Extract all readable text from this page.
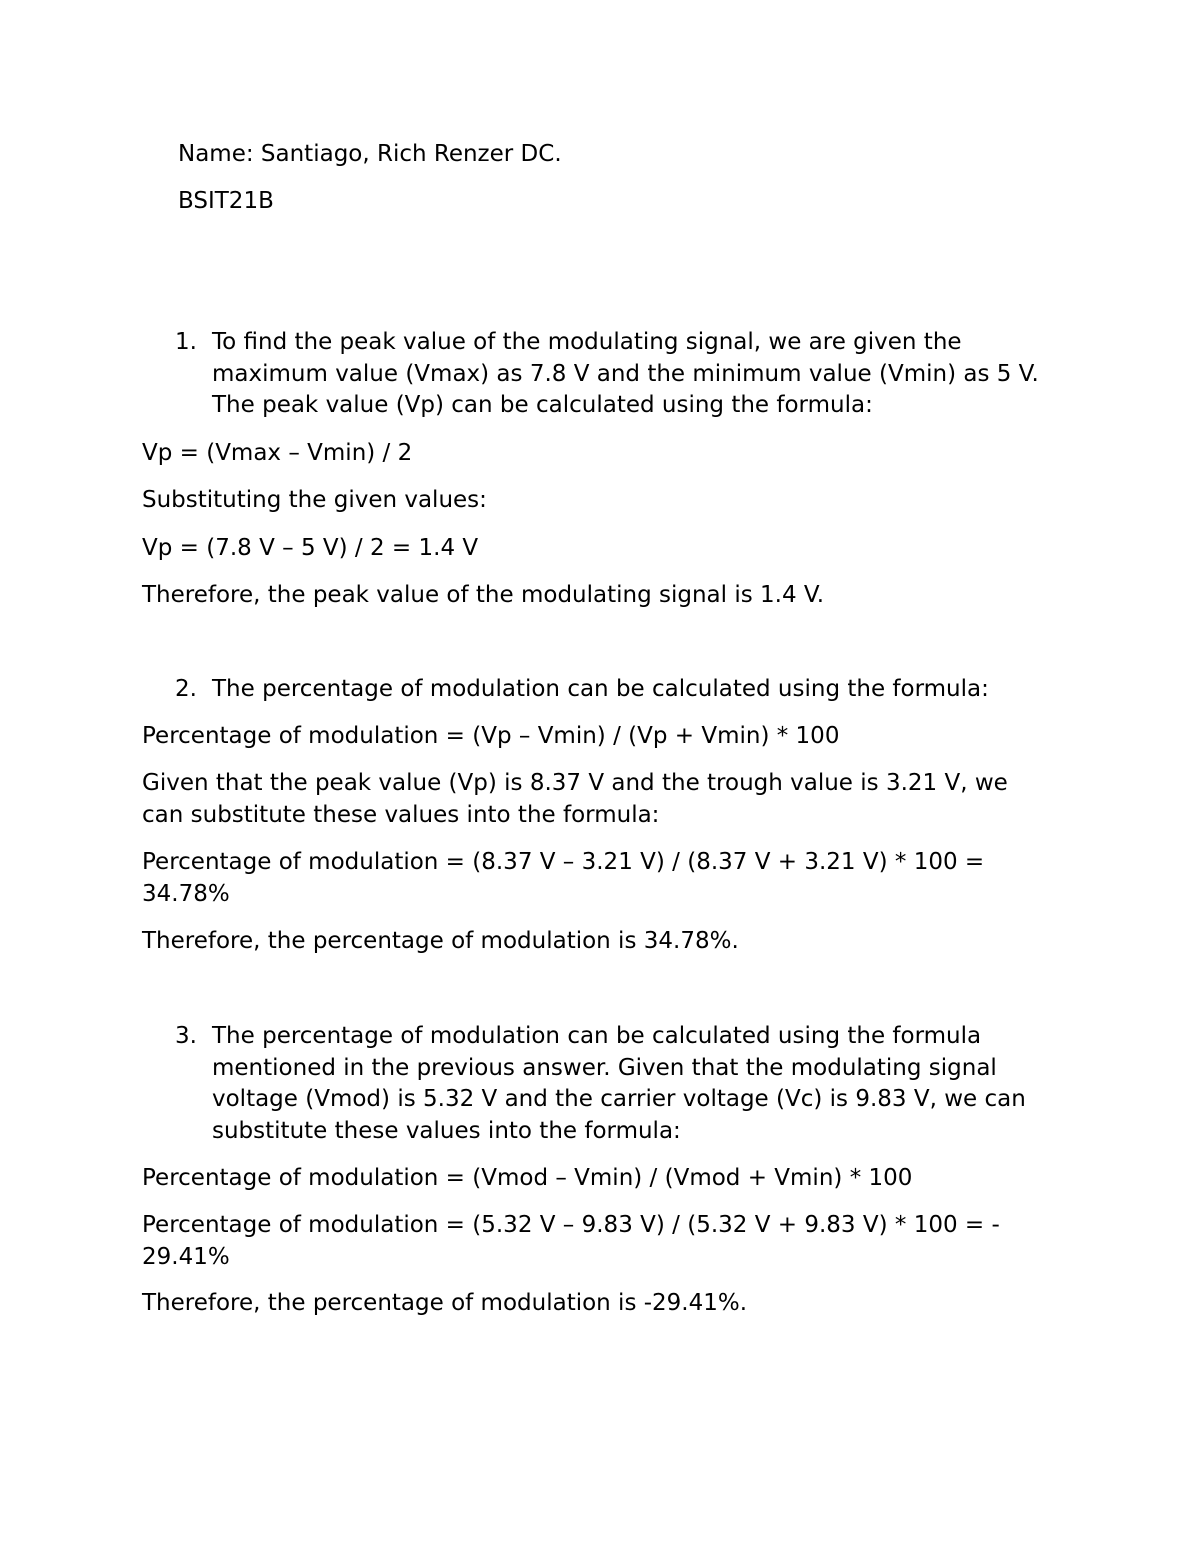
Name: Santiago, Rich Renzer DC.

BSIT21B

1. To find the peak value of the modulating signal, we are given the
maximum value (Vmax) as 7.8 V and the minimum value (Vmin) as 5 V.
The peak value (Vp) can be calculated using the formula:

Vp = (Vmax – Vmin) / 2

Substituting the given values:

Vp = (7.8 V – 5 V) / 2 = 1.4 V

Therefore, the peak value of the modulating signal is 1.4 V.

2. The percentage of modulation can be calculated using the formula:

Percentage of modulation = (Vp – Vmin) / (Vp + Vmin) * 100

Given that the peak value (Vp) is 8.37 V and the trough value is 3.21 V, we
can substitute these values into the formula:

Percentage of modulation = (8.37 V – 3.21 V) / (8.37 V + 3.21 V) * 100 =
34.78%

Therefore, the percentage of modulation is 34.78%.

3. The percentage of modulation can be calculated using the formula
mentioned in the previous answer. Given that the modulating signal
voltage (Vmod) is 5.32 V and the carrier voltage (Vc) is 9.83 V, we can
substitute these values into the formula:

Percentage of modulation = (Vmod – Vmin) / (Vmod + Vmin) * 100

Percentage of modulation = (5.32 V – 9.83 V) / (5.32 V + 9.83 V) * 100 = -
29.41%

Therefore, the percentage of modulation is -29.41%.
